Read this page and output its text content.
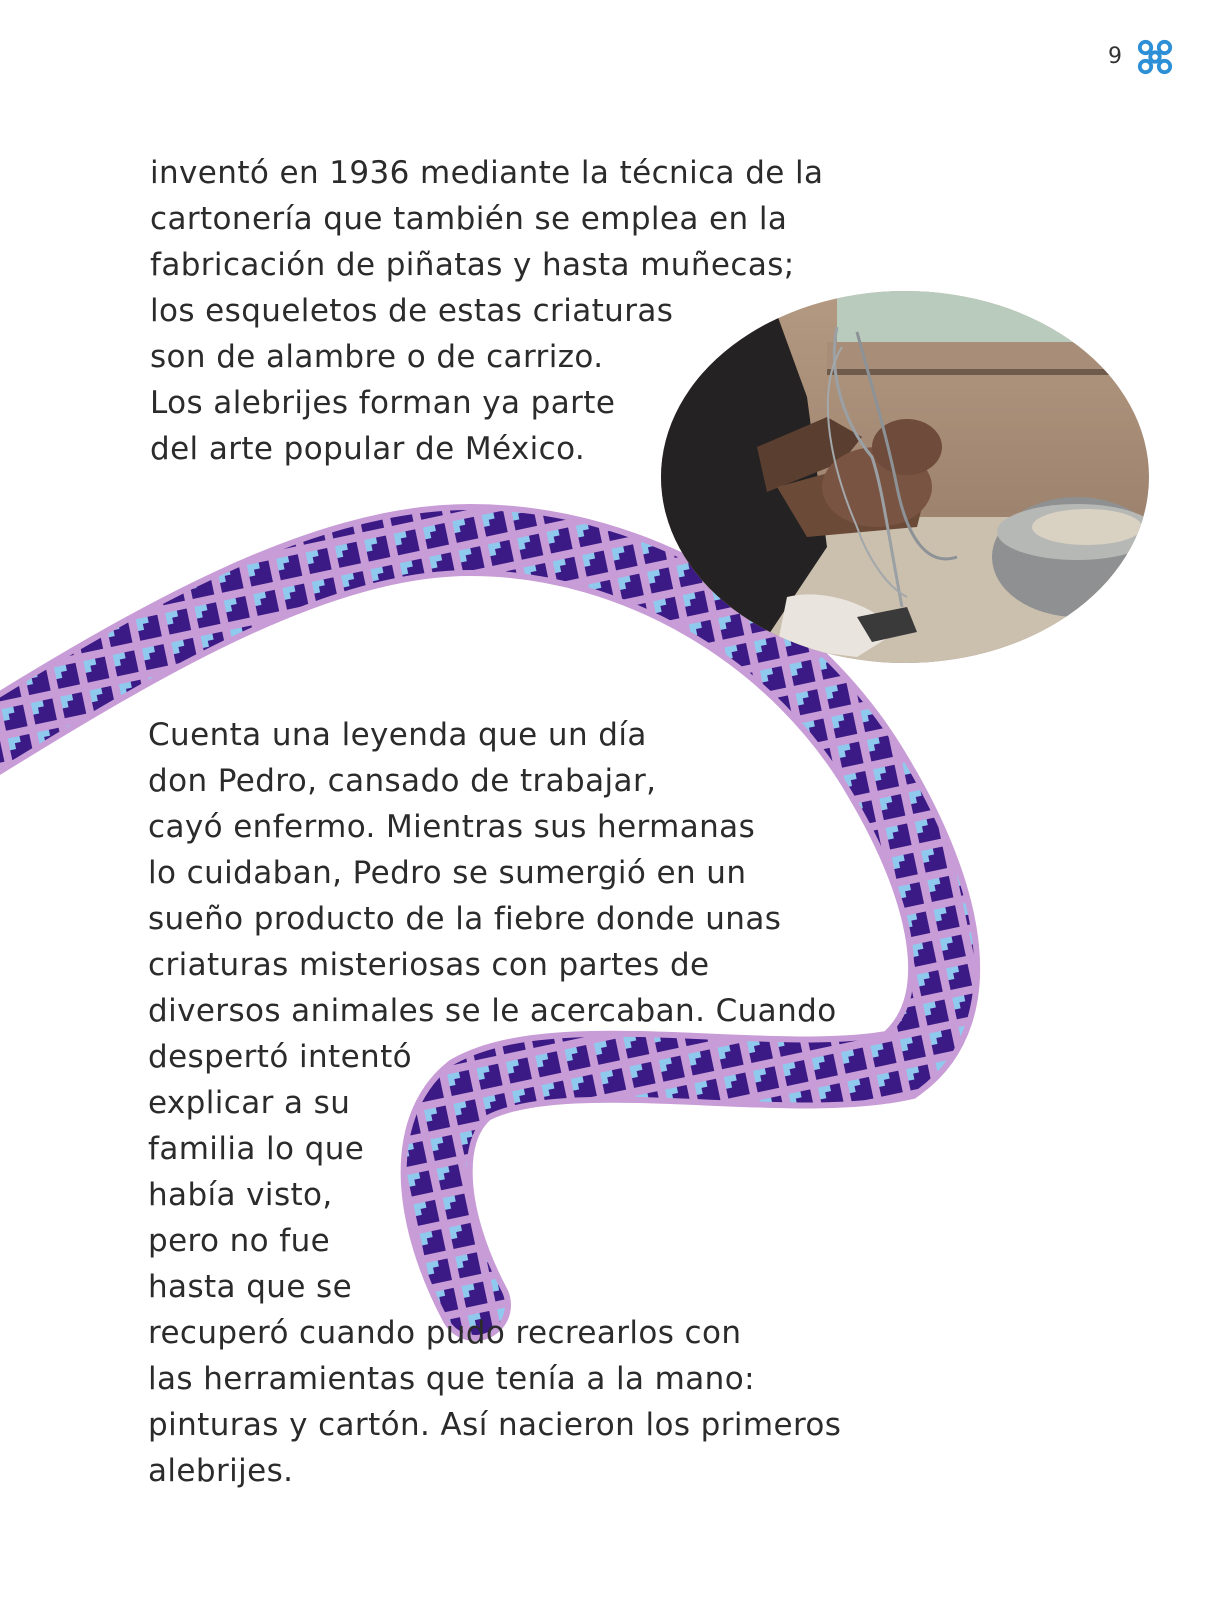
9
inventó en 1936 mediante la técnica de la
cartonería que también se emplea en la
fabricación de piñatas y hasta muñecas;
los esqueletos de estas criaturas
son de alambre o de carrizo.
Los alebrijes forman ya parte
del arte popular de México.
Cuenta una leyenda que un día
don Pedro, cansado de trabajar,
cayó enfermo. Mientras sus hermanas
lo cuidaban, Pedro se sumergió en un
sueño producto de la fiebre donde unas
criaturas misteriosas con partes de
diversos animales se le acercaban. Cuando
despertó intentó
explicar a su
familia lo que
había visto,
pero no fue
hasta que se
recuperó cuando pudo recrearlos con
las herramientas que tenía a la mano:
pinturas y cartón. Así nacieron los primeros
alebrijes.
